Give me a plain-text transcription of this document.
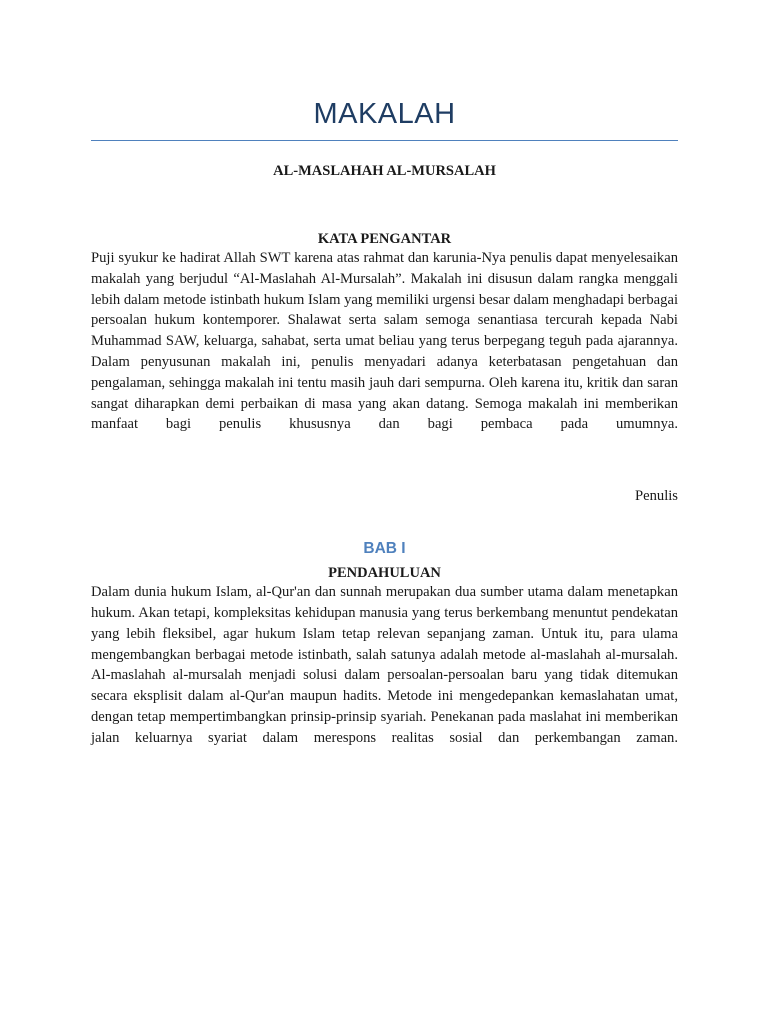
MAKALAH
AL-MASLAHAH AL-MURSALAH
KATA PENGANTAR

Puji syukur ke hadirat Allah SWT karena atas rahmat dan karunia-Nya penulis dapat menyelesaikan makalah yang berjudul “Al-Maslahah Al-Mursalah”. Makalah ini disusun dalam rangka menggali lebih dalam metode istinbath hukum Islam yang memiliki urgensi besar dalam menghadapi berbagai persoalan hukum kontemporer. Shalawat serta salam semoga senantiasa tercurah kepada Nabi Muhammad SAW, keluarga, sahabat, serta umat beliau yang terus berpegang teguh pada ajarannya.

Dalam penyusunan makalah ini, penulis menyadari adanya keterbatasan pengetahuan dan pengalaman, sehingga makalah ini tentu masih jauh dari sempurna. Oleh karena itu, kritik dan saran sangat diharapkan demi perbaikan di masa yang akan datang. Semoga makalah ini memberikan manfaat bagi penulis khususnya dan bagi pembaca pada umumnya.

Penulis
BAB I
PENDAHULUAN

Dalam dunia hukum Islam, al-Qur'an dan sunnah merupakan dua sumber utama dalam menetapkan hukum. Akan tetapi, kompleksitas kehidupan manusia yang terus berkembang menuntut pendekatan yang lebih fleksibel, agar hukum Islam tetap relevan sepanjang zaman. Untuk itu, para ulama mengembangkan berbagai metode istinbath, salah satunya adalah metode al-maslahah al-mursalah.

Al-maslahah al-mursalah menjadi solusi dalam persoalan-persoalan baru yang tidak ditemukan secara eksplisit dalam al-Qur'an maupun hadits. Metode ini mengedepankan kemaslahatan umat, dengan tetap mempertimbangkan prinsip-prinsip syariah. Penekanan pada maslahat ini memberikan jalan keluarnya syariat dalam merespons realitas sosial dan perkembangan zaman.
